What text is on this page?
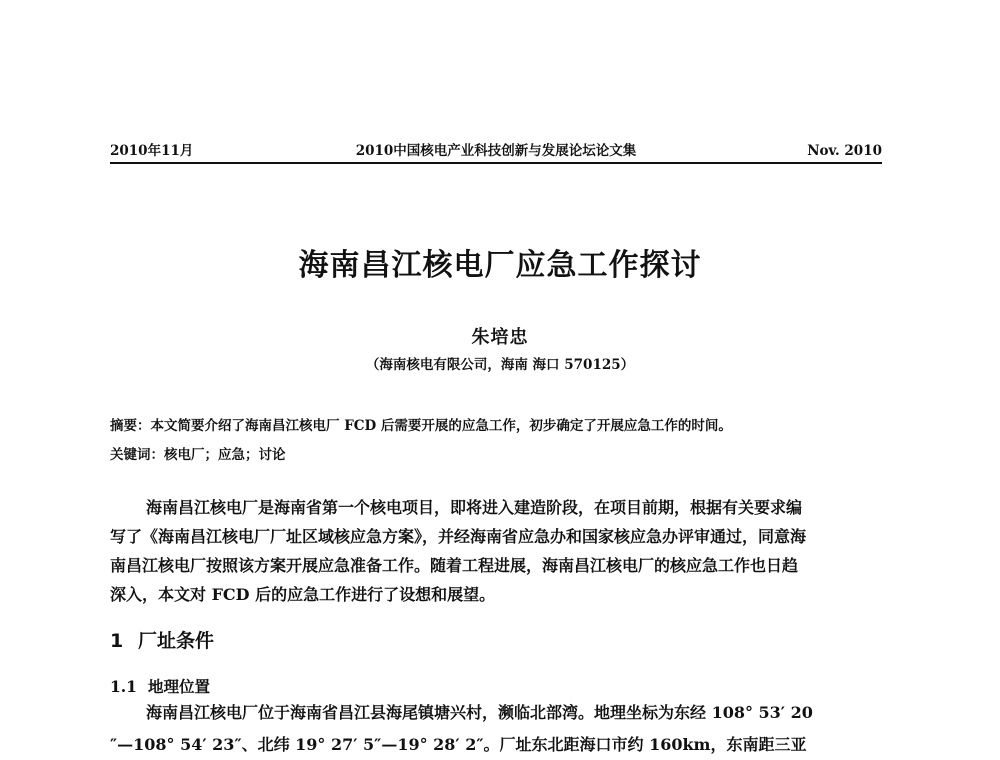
2010年11月	2010中国核电产业科技创新与发展论坛论文集	Nov. 2010
海南昌江核电厂应急工作探讨
朱培忠
（海南核电有限公司，海南 海口 570125）
摘要：本文简要介绍了海南昌江核电厂 FCD 后需要开展的应急工作，初步确定了开展应急工作的时间。
关键词：核电厂；应急；讨论
海南昌江核电厂是海南省第一个核电项目，即将进入建造阶段，在项目前期，根据有关要求编
写了《海南昌江核电厂厂址区域核应急方案》，并经海南省应急办和国家核应急办评审通过，同意海
南昌江核电厂按照该方案开展应急准备工作。随着工程进展，海南昌江核电厂的核应急工作也日趋
深入，本文对 FCD 后的应急工作进行了设想和展望。
1 厂址条件
1.1 地理位置
海南昌江核电厂位于海南省昌江县海尾镇塘兴村，濒临北部湾。地理坐标为东经 108° 53′ 20
″—108° 54′ 23″、北纬 19° 27′ 5″—19° 28′ 2″。厂址东北距海口市约 160km，东南距三亚
